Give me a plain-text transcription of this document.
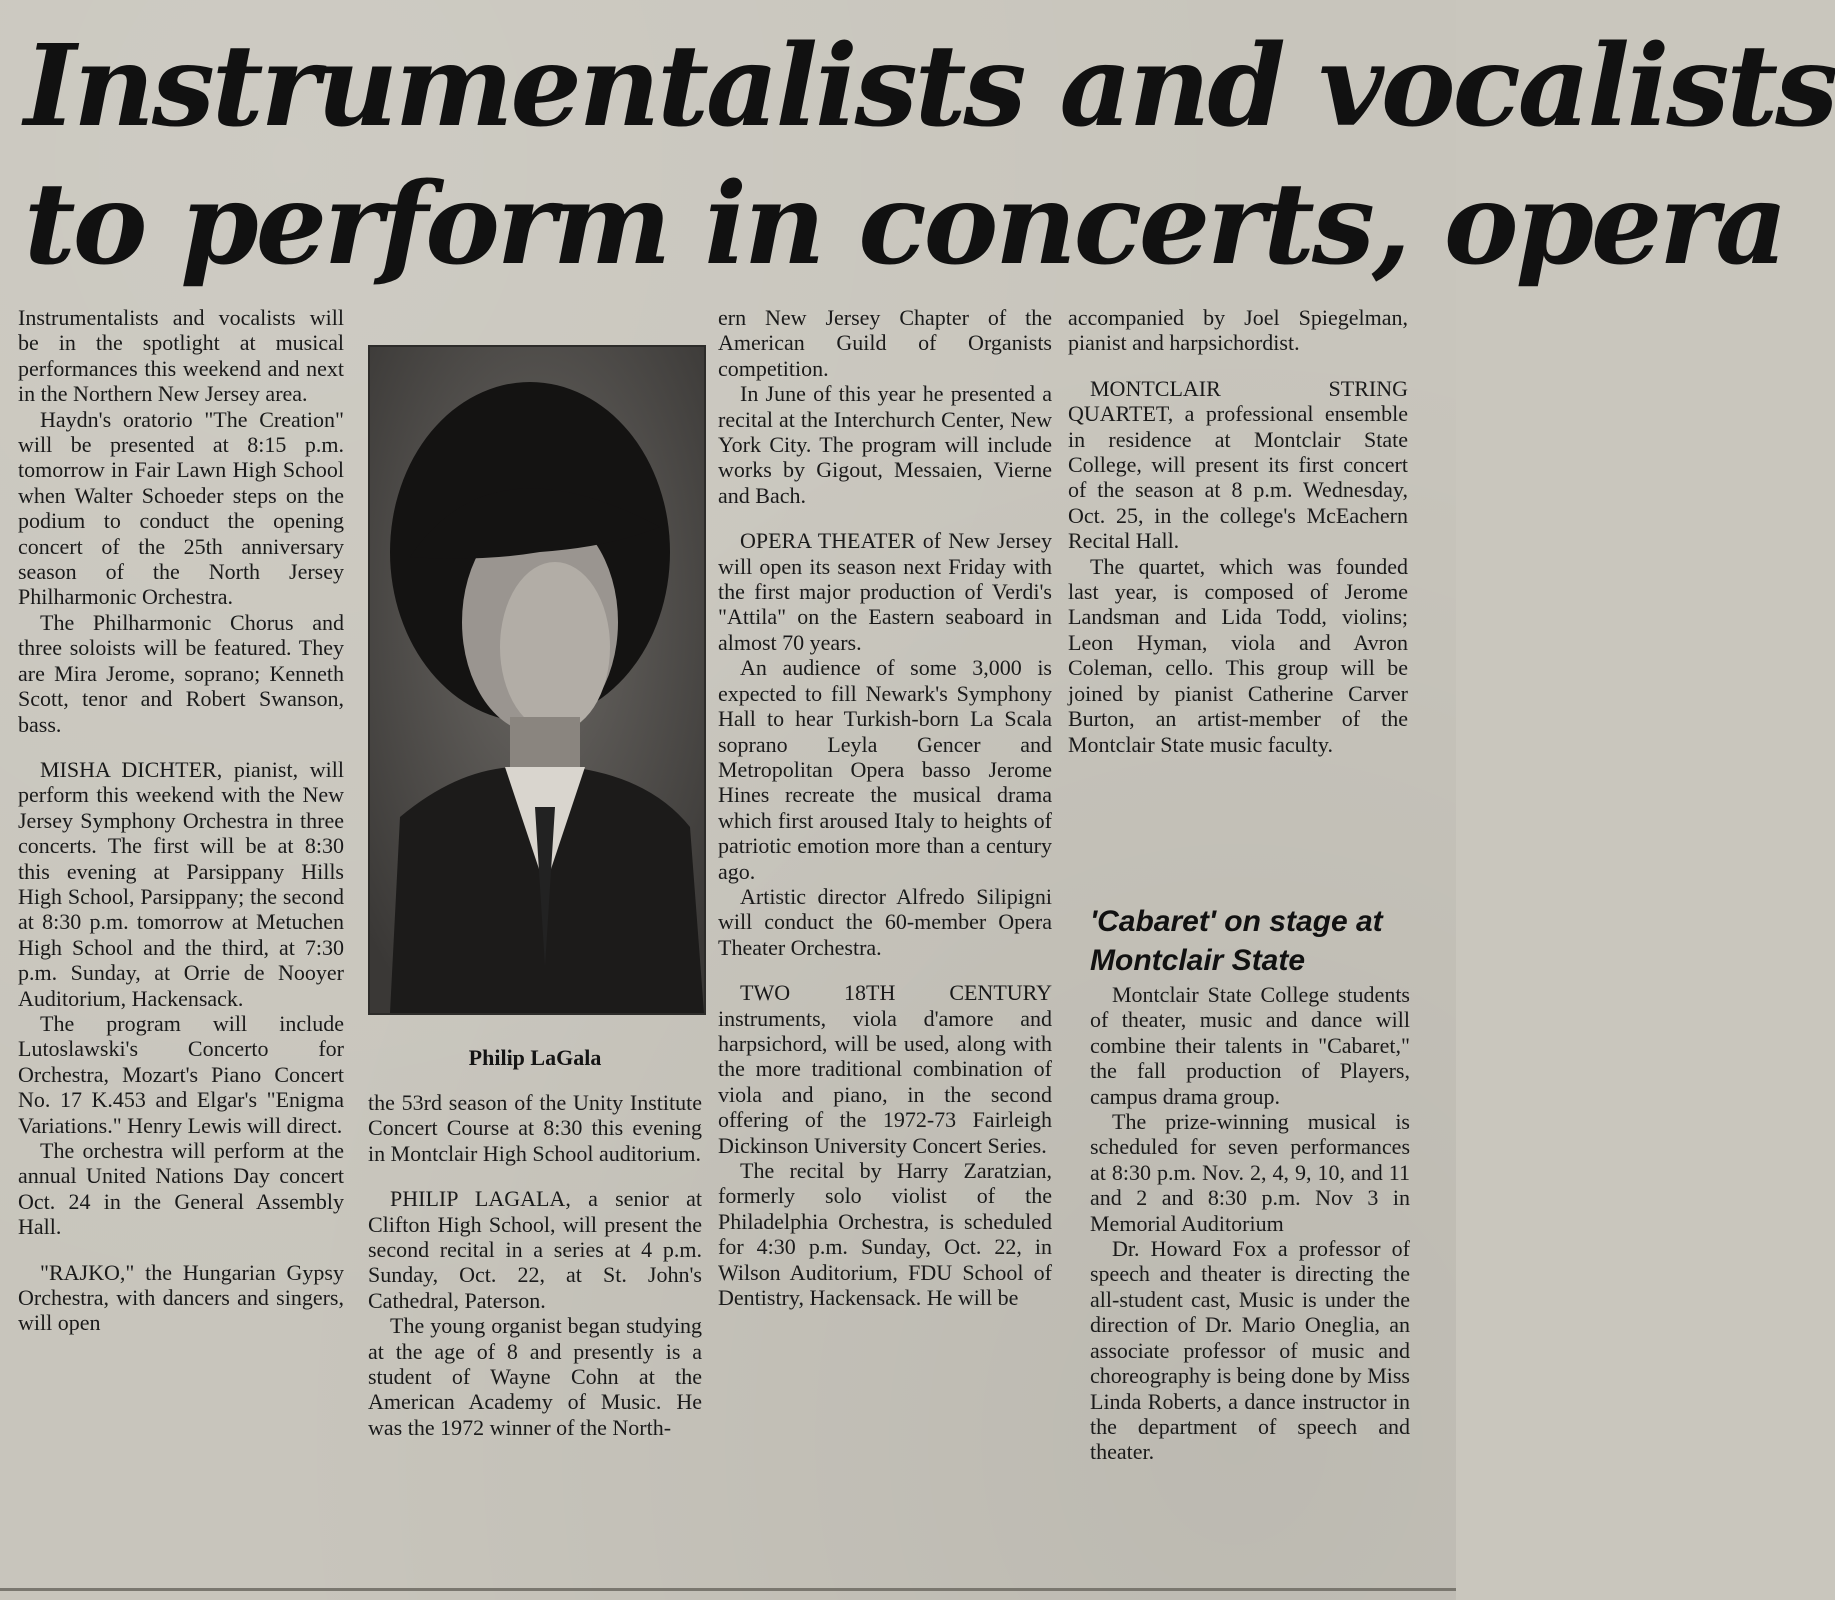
Instrumentalists and vocalists
to perform in concerts, opera

Instrumentalists and vocalists will be in the spotlight at musical performances this weekend and next in the Northern New Jersey area.

Haydn's oratorio "The Creation" will be presented at 8:15 p.m. tomorrow in Fair Lawn High School when Walter Schoeder steps on the podium to conduct the opening concert of the 25th anniversary season of the North Jersey Philharmonic Orchestra.

The Philharmonic Chorus and three soloists will be featured. They are Mira Jerome, soprano; Kenneth Scott, tenor and Robert Swanson, bass.

MISHA DICHTER, pianist, will perform this weekend with the New Jersey Symphony Orchestra in three concerts. The first will be at 8:30 this evening at Parsippany Hills High School, Parsippany; the second at 8:30 p.m. tomorrow at Metuchen High School and the third, at 7:30 p.m. Sunday, at Orrie de Nooyer Auditorium, Hackensack.

The program will include Lutoslawski's Concerto for Orchestra, Mozart's Piano Concert No. 17 K.453 and Elgar's "Enigma Variations." Henry Lewis will direct.

The orchestra will perform at the annual United Nations Day concert Oct. 24 in the General Assembly Hall.

"RAJKO," the Hungarian Gypsy Orchestra, with dancers and singers, will open

Philip LaGala

the 53rd season of the Unity Institute Concert Course at 8:30 this evening in Montclair High School auditorium.

PHILIP LAGALA, a senior at Clifton High School, will present the second recital in a series at 4 p.m. Sunday, Oct. 22, at St. John's Cathedral, Paterson.

The young organist began studying at the age of 8 and presently is a student of Wayne Cohn at the American Academy of Music. He was the 1972 winner of the North-

ern New Jersey Chapter of the American Guild of Organists competition.

In June of this year he presented a recital at the Interchurch Center, New York City. The program will include works by Gigout, Messaien, Vierne and Bach.

OPERA THEATER of New Jersey will open its season next Friday with the first major production of Verdi's "Attila" on the Eastern seaboard in almost 70 years.

An audience of some 3,000 is expected to fill Newark's Symphony Hall to hear Turkish-born La Scala soprano Leyla Gencer and Metropolitan Opera basso Jerome Hines recreate the musical drama which first aroused Italy to heights of patriotic emotion more than a century ago.

Artistic director Alfredo Silipigni will conduct the 60-member Opera Theater Orchestra.

TWO 18TH CENTURY instruments, viola d'amore and harpsichord, will be used, along with the more traditional combination of viola and piano, in the second offering of the 1972-73 Fairleigh Dickinson University Concert Series.

The recital by Harry Zaratzian, formerly solo violist of the Philadelphia Orchestra, is scheduled for 4:30 p.m. Sunday, Oct. 22, in Wilson Auditorium, FDU School of Dentistry, Hackensack. He will be

accompanied by Joel Spiegelman, pianist and harpsichordist.

MONTCLAIR STRING QUARTET, a professional ensemble in residence at Montclair State College, will present its first concert of the season at 8 p.m. Wednesday, Oct. 25, in the college's McEachern Recital Hall.

The quartet, which was founded last year, is composed of Jerome Landsman and Lida Todd, violins; Leon Hyman, viola and Avron Coleman, cello. This group will be joined by pianist Catherine Carver Burton, an artist-member of the Montclair State music faculty.

'Cabaret' on stage at Montclair State

Montclair State College students of theater, music and dance will combine their talents in "Cabaret," the fall production of Players, campus drama group.

The prize-winning musical is scheduled for seven performances at 8:30 p.m. Nov. 2, 4, 9, 10, and 11 and 2 and 8:30 p.m. Nov 3 in Memorial Auditorium

Dr. Howard Fox a professor of speech and theater is directing the all-student cast, Music is under the direction of Dr. Mario Oneglia, an associate professor of music and choreography is being done by Miss Linda Roberts, a dance instructor in the department of speech and theater.
